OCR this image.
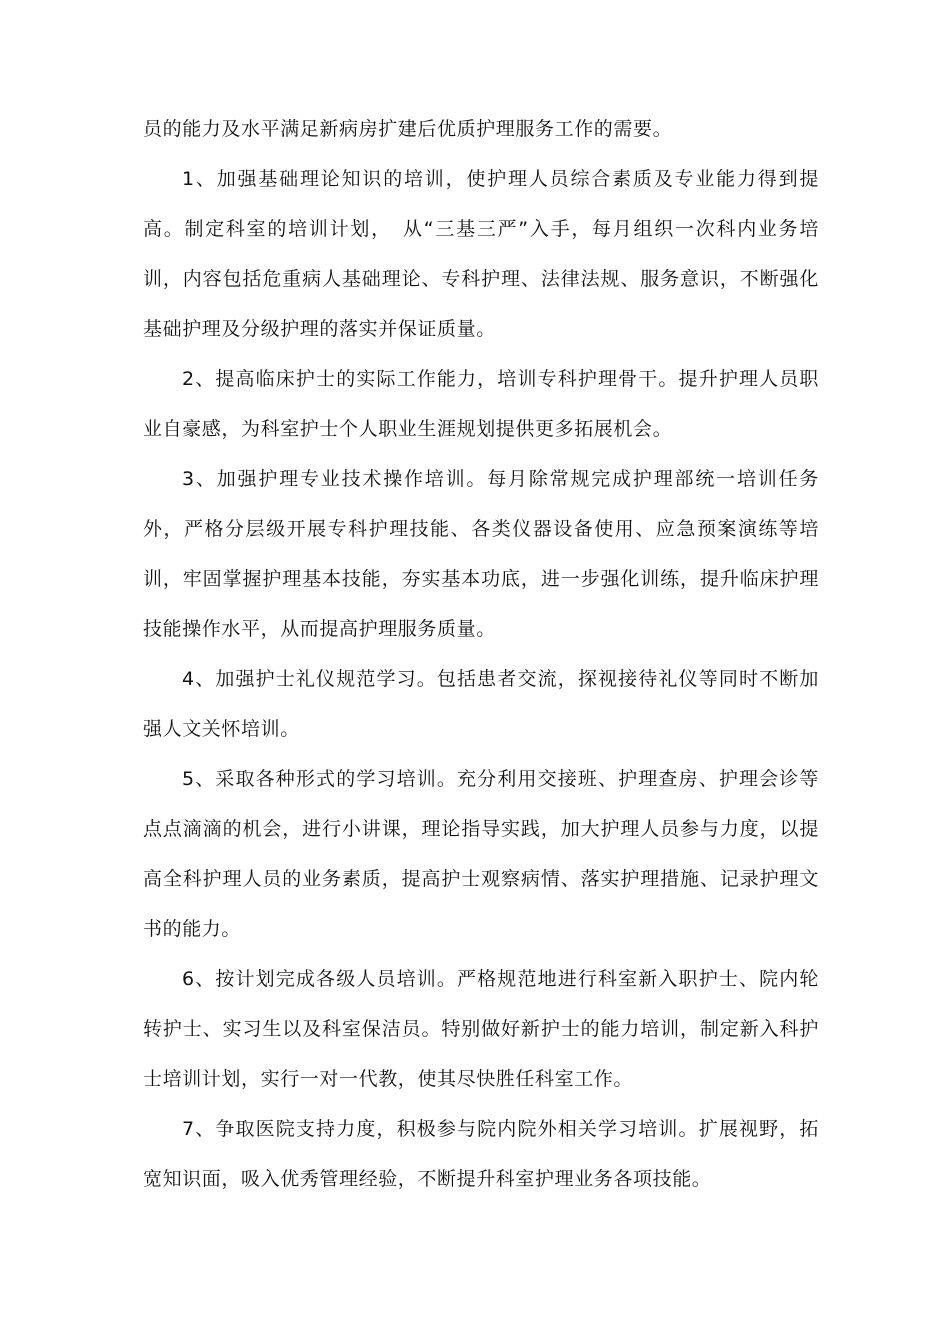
员的能力及水平满足新病房扩建后优质护理服务工作的需要。

1、加强基础理论知识的培训，使护理人员综合素质及专业能力得到提高。制定科室的培训计划，　从“三基三严”入手，每月组织一次科内业务培训，内容包括危重病人基础理论、专科护理、法律法规、服务意识，不断强化基础护理及分级护理的落实并保证质量。

2、提高临床护士的实际工作能力，培训专科护理骨干。提升护理人员职业自豪感，为科室护士个人职业生涯规划提供更多拓展机会。

3、加强护理专业技术操作培训。每月除常规完成护理部统一培训任务外，严格分层级开展专科护理技能、各类仪器设备使用、应急预案演练等培训，牢固掌握护理基本技能，夯实基本功底，进一步强化训练，提升临床护理技能操作水平，从而提高护理服务质量。

4、加强护士礼仪规范学习。包括患者交流，探视接待礼仪等同时不断加强人文关怀培训。

5、采取各种形式的学习培训。充分利用交接班、护理查房、护理会诊等点点滴滴的机会，进行小讲课，理论指导实践，加大护理人员参与力度，以提高全科护理人员的业务素质，提高护士观察病情、落实护理措施、记录护理文书的能力。

6、按计划完成各级人员培训。严格规范地进行科室新入职护士、院内轮转护士、实习生以及科室保洁员。特别做好新护士的能力培训，制定新入科护士培训计划，实行一对一代教，使其尽快胜任科室工作。

7、争取医院支持力度，积极参与院内院外相关学习培训。扩展视野，拓宽知识面，吸入优秀管理经验，不断提升科室护理业务各项技能。
